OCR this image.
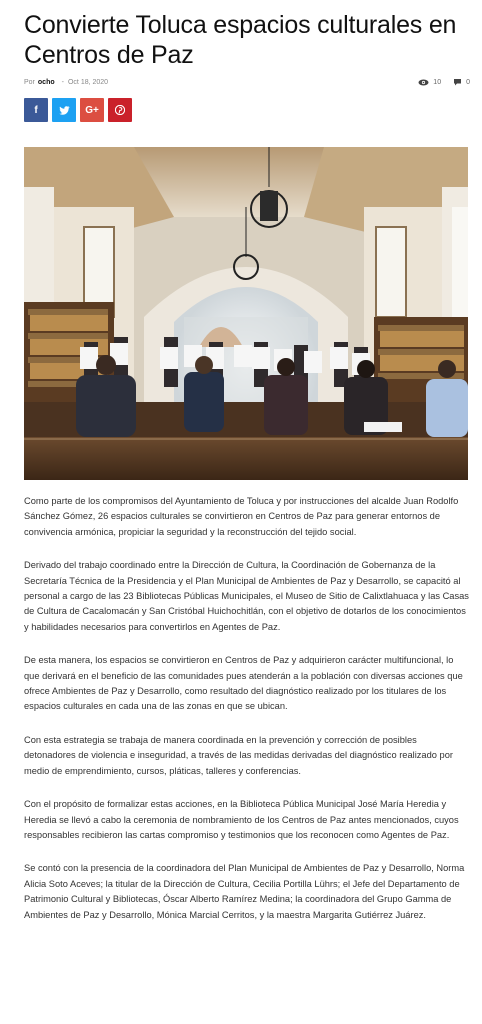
Convierte Toluca espacios culturales en Centros de Paz
Por ocho - Oct 18, 2020	10	0
f	G+

Como parte de los compromisos del Ayuntamiento de Toluca y por instrucciones del alcalde Juan Rodolfo Sánchez Gómez, 26 espacios culturales se convirtieron en Centros de Paz para generar entornos de convivencia armónica, propiciar la seguridad y la reconstrucción del tejido social.

Derivado del trabajo coordinado entre la Dirección de Cultura, la Coordinación de Gobernanza de la Secretaría Técnica de la Presidencia y el Plan Municipal de Ambientes de Paz y Desarrollo, se capacitó al personal a cargo de las 23 Bibliotecas Públicas Municipales, el Museo de Sitio de Calixtlahuaca y las Casas de Cultura de Cacalomacán y San Cristóbal Huichochitlán, con el objetivo de dotarlos de los conocimientos y habilidades necesarios para convertirlos en Agentes de Paz.

De esta manera, los espacios se convirtieron en Centros de Paz y adquirieron carácter multifuncional, lo que derivará en el beneficio de las comunidades pues atenderán a la población con diversas acciones que ofrece Ambientes de Paz y Desarrollo, como resultado del diagnóstico realizado por los titulares de los espacios culturales en cada una de las zonas en que se ubican.

Con esta estrategia se trabaja de manera coordinada en la prevención y corrección de posibles detonadores de violencia e inseguridad, a través de las medidas derivadas del diagnóstico realizado por medio de emprendimiento, cursos, pláticas, talleres y conferencias.

Con el propósito de formalizar estas acciones, en la Biblioteca Pública Municipal José María Heredia y Heredia se llevó a cabo la ceremonia de nombramiento de los Centros de Paz antes mencionados, cuyos responsables recibieron las cartas compromiso y testimonios que los reconocen como Agentes de Paz.

Se contó con la presencia de la coordinadora del Plan Municipal de Ambientes de Paz y Desarrollo, Norma Alicia Soto Aceves; la titular de la Dirección de Cultura, Cecilia Portilla Lührs; el Jefe del Departamento de Patrimonio Cultural y Bibliotecas, Óscar Alberto Ramírez Medina; la coordinadora del Grupo Gamma de Ambientes de Paz y Desarrollo, Mónica Marcial Cerritos, y la maestra Margarita Gutiérrez Juárez.
